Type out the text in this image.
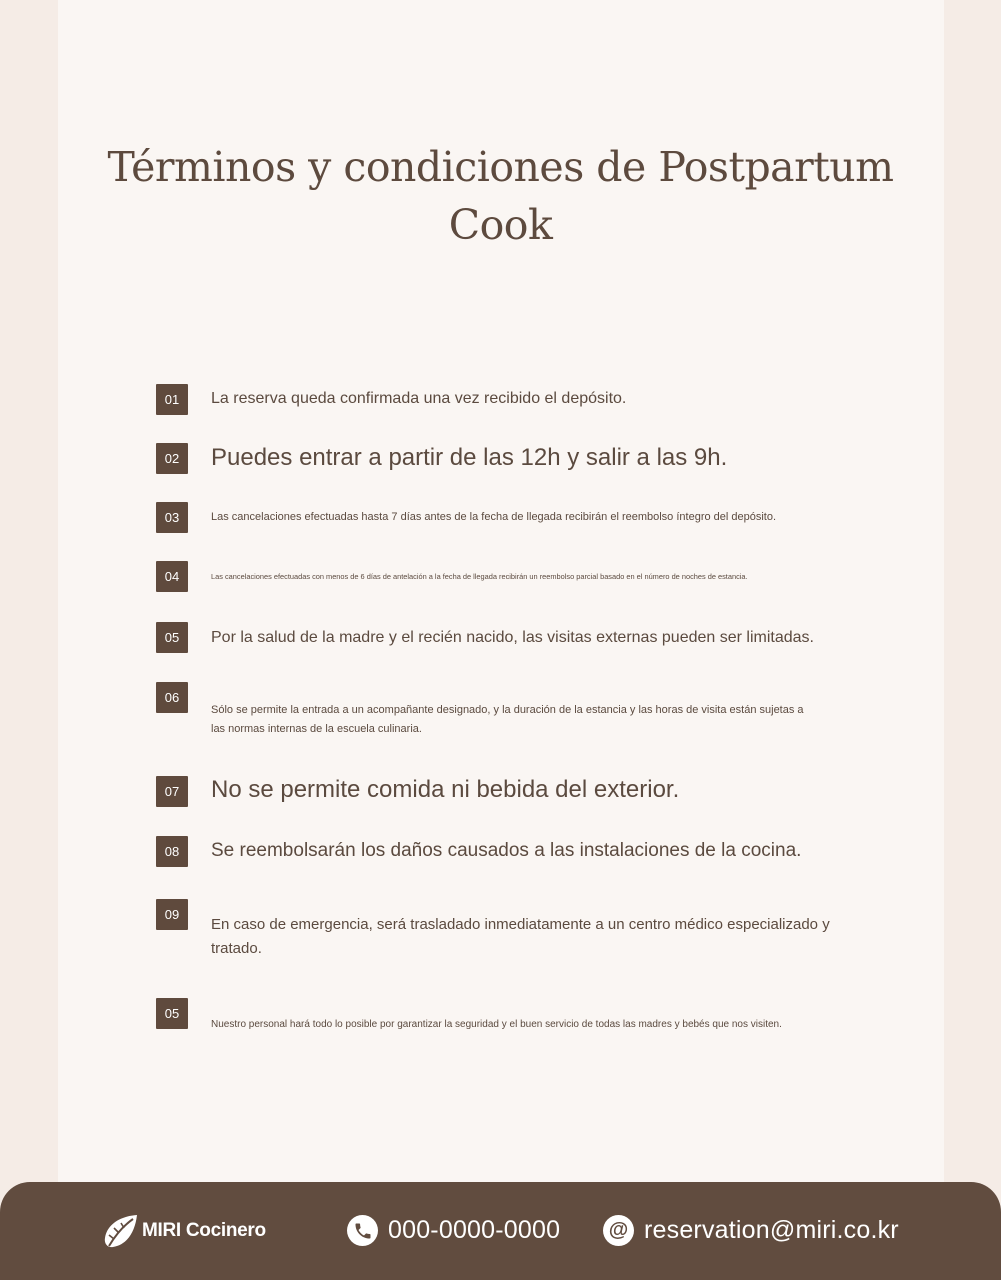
Términos y condiciones de Postpartum
Cook
01	La reserva queda confirmada una vez recibido el depósito.
02	Puedes entrar a partir de las 12h y salir a las 9h.
03	Las cancelaciones efectuadas hasta 7 días antes de la fecha de llegada recibirán el reembolso íntegro del depósito.
04	Las cancelaciones efectuadas con menos de 6 días de antelación a la fecha de llegada recibirán un reembolso parcial basado en el número de noches de estancia.
05	Por la salud de la madre y el recién nacido, las visitas externas pueden ser limitadas.
06
Sólo se permite la entrada a un acompañante designado, y la duración de la estancia y las horas de visita están sujetas a las normas internas de la escuela culinaria.
07	No se permite comida ni bebida del exterior.
08	Se reembolsarán los daños causados a las instalaciones de la cocina.
09
En caso de emergencia, será trasladado inmediatamente a un centro médico especializado y tratado.
05
Nuestro personal hará todo lo posible por garantizar la seguridad y el buen servicio de todas las madres y bebés que nos visiten.
MIRI Cocinero	000-0000-0000 @ reservation@miri.co.kr
